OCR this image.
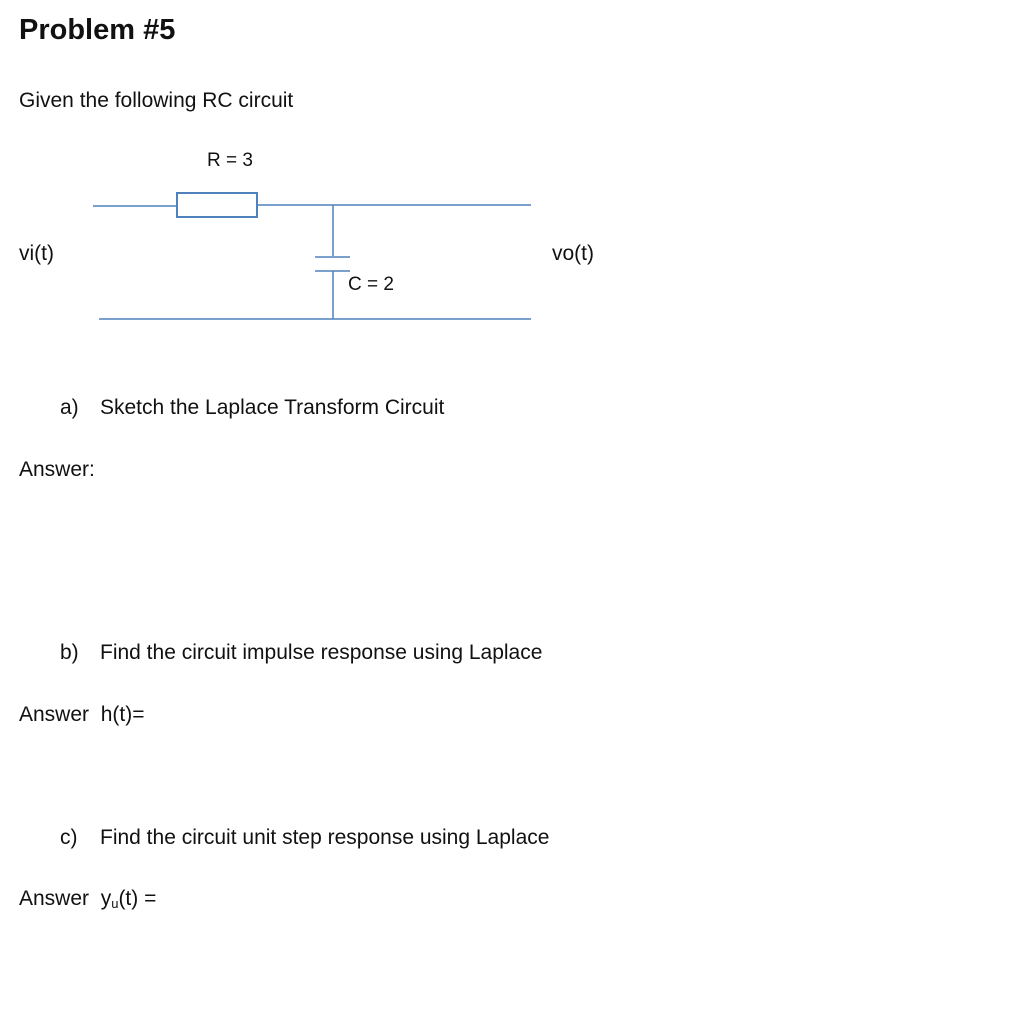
Problem #5
Given the following RC circuit
R = 3
C = 2
vi(t)	vo(t)
a) Sketch the Laplace Transform Circuit
Answer:
b) Find the circuit impulse response using Laplace
Answer h(t)=
c) Find the circuit unit step response using Laplace
Answer $y_u(t)$ =
